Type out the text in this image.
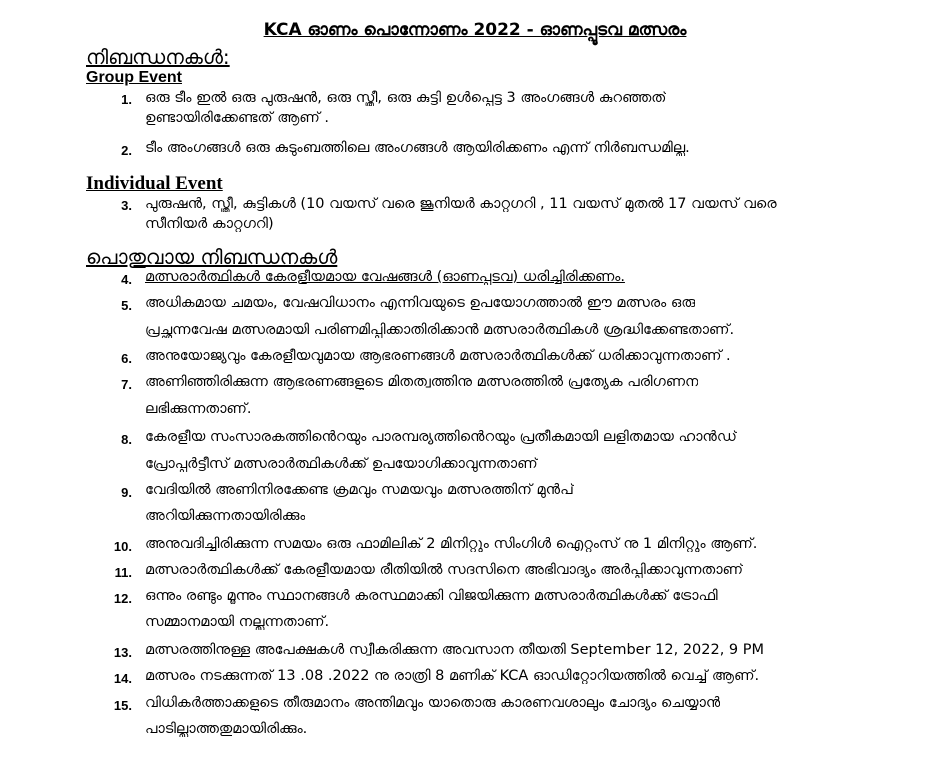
KCA ഓണം പൊന്നോണം 2022 - ഓണപ്പൂടവ മത്സരം
നിബന്ധനകൾ:
Group Event
1. ഒരു ടീം ഇൽ ഒരു പുരുഷൻ, ഒരു സ്ത്രീ, ഒരു കുട്ടി ഉൾപ്പെട്ട 3 അംഗങ്ങൾ കുറഞ്ഞത്
ഉണ്ടായിരിക്കേണ്ടത് ആണ് .
2. ടീം അംഗങ്ങൾ ഒരു കുടുംബത്തിലെ അംഗങ്ങൾ ആയിരിക്കണം എന്ന് നിർബന്ധമില്ല.
Individual Event
3. പുരുഷൻ, സ്ത്രീ, കുട്ടികൾ (10 വയസ് വരെ ജൂനിയർ കാറ്റഗറി , 11 വയസ് മുതൽ 17 വയസ് വരെ
സീനിയർ കാറ്റഗറി)
പൊതുവായ നിബന്ധനകൾ
4. മത്സരാർത്ഥികൾ കേരളീയമായ വേഷങ്ങൾ (ഓണപ്പൂടവ) ധരിച്ചിരിക്കണം.
5. അധികമായ ചമയം, വേഷവിധാനം എന്നിവയുടെ ഉപയോഗത്താൽ ഈ മത്സരം ഒരു
പ്രച്ഛന്നവേഷ മത്സരമായി പരിണമിപ്പിക്കാതിരിക്കാൻ മത്സരാർത്ഥികൾ ശ്രദ്ധിക്കേണ്ടതാണ്.
6. അനുയോജ്യവും കേരളീയവുമായ ആഭരണങ്ങൾ മത്സരാർത്ഥികൾക്ക് ധരിക്കാവുന്നതാണ് .
7. അണിഞ്ഞിരിക്കുന്ന ആഭരണങ്ങളുടെ മിതത്വത്തിനു മത്സരത്തിൽ പ്രത്യേക പരിഗണന
ലഭിക്കുന്നതാണ്.
8. കേരളീയ സംസാരകത്തിൻെറയും പാരമ്പര്യത്തിൻെറയും പ്രതീകമായി ലളിതമായ ഹാൻഡ്
പ്രോപ്പർട്ടീസ് മത്സരാർത്ഥികൾക്ക് ഉപയോഗിക്കാവുന്നതാണ്
9. വേദിയിൽ അണിനിരക്കേണ്ട ക്രമവും സമയവും മത്സരത്തിന് മുൻപ്
അറിയിക്കുന്നതായിരിക്കും
10. അനുവദിച്ചിരിക്കുന്ന സമയം ഒരു ഫാമിലിക് 2 മിനിറ്റും സിംഗിൾ ഐറ്റംസ് നു 1 മിനിറ്റും ആണ്.
11. മത്സരാർത്ഥികൾക്ക് കേരളീയമായ രീതിയിൽ സദസിനെ അഭിവാദ്യം അർപ്പിക്കാവുന്നതാണ്
12. ഒന്നും രണ്ടും മൂന്നും സ്ഥാനങ്ങൾ കരസ്ഥമാക്കി വിജയിക്കുന്ന മത്സരാർത്ഥികൾക്ക് ട്രോഫി
സമ്മാനമായി നല്ലുന്നതാണ്.
13. മത്സരത്തിനുള്ള അപേക്ഷകൾ സ്വീകരിക്കുന്ന അവസാന തീയതി September 12, 2022, 9 PM
14. മത്സരം നടക്കുന്നത് 13 .08 .2022 നു രാത്രി 8 മണിക് KCA ഓഡിറ്റോറിയത്തിൽ വെച്ച് ആണ്.
15. വിധികർത്താക്കളുടെ തീരുമാനം അന്തിമവും യാതൊരു കാരണവശാലും ചോദ്യം ചെയ്യാൻ
പാടില്ലാത്തതുമായിരിക്കും.
